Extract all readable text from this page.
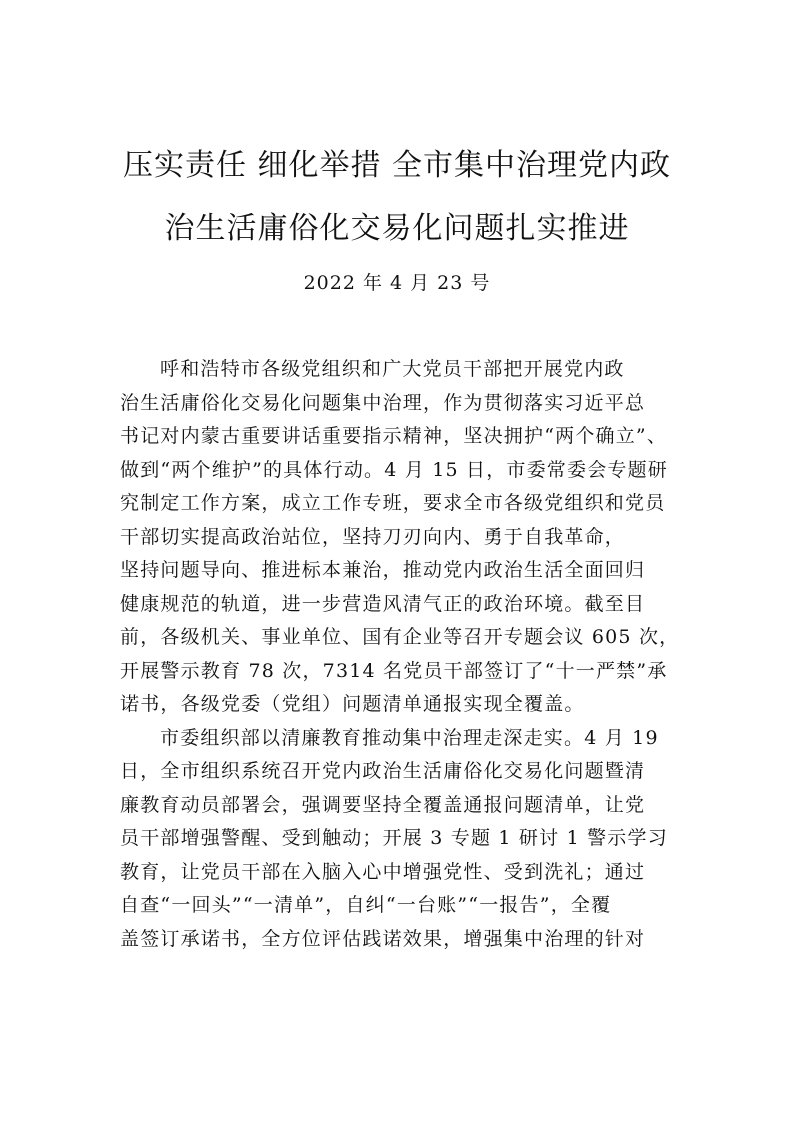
压实责任 细化举措 全市集中治理党内政
治生活庸俗化交易化问题扎实推进
2022 年 4 月 23 号

呼和浩特市各级党组织和广大党员干部把开展党内政
治生活庸俗化交易化问题集中治理，作为贯彻落实习近平总
书记对内蒙古重要讲话重要指示精神，坚决拥护“两个确立”、
做到“两个维护”的具体行动。4 月 15 日，市委常委会专题研
究制定工作方案，成立工作专班，要求全市各级党组织和党员
干部切实提高政治站位，坚持刀刃向内、勇于自我革命，
坚持问题导向、推进标本兼治，推动党内政治生活全面回归
健康规范的轨道，进一步营造风清气正的政治环境。截至目
前，各级机关、事业单位、国有企业等召开专题会议 605 次，
开展警示教育 78 次，7314 名党员干部签订了“十一严禁”承
诺书，各级党委（党组）问题清单通报实现全覆盖。

市委组织部以清廉教育推动集中治理走深走实。4 月 19
日，全市组织系统召开党内政治生活庸俗化交易化问题暨清
廉教育动员部署会，强调要坚持全覆盖通报问题清单，让党
员干部增强警醒、受到触动；开展 3 专题 1 研讨 1 警示学习
教育，让党员干部在入脑入心中增强党性、受到洗礼；通过
自查“一回头”“一清单”，自纠“一台账”“一报告”，全覆
盖签订承诺书，全方位评估践诺效果，增强集中治理的针对
